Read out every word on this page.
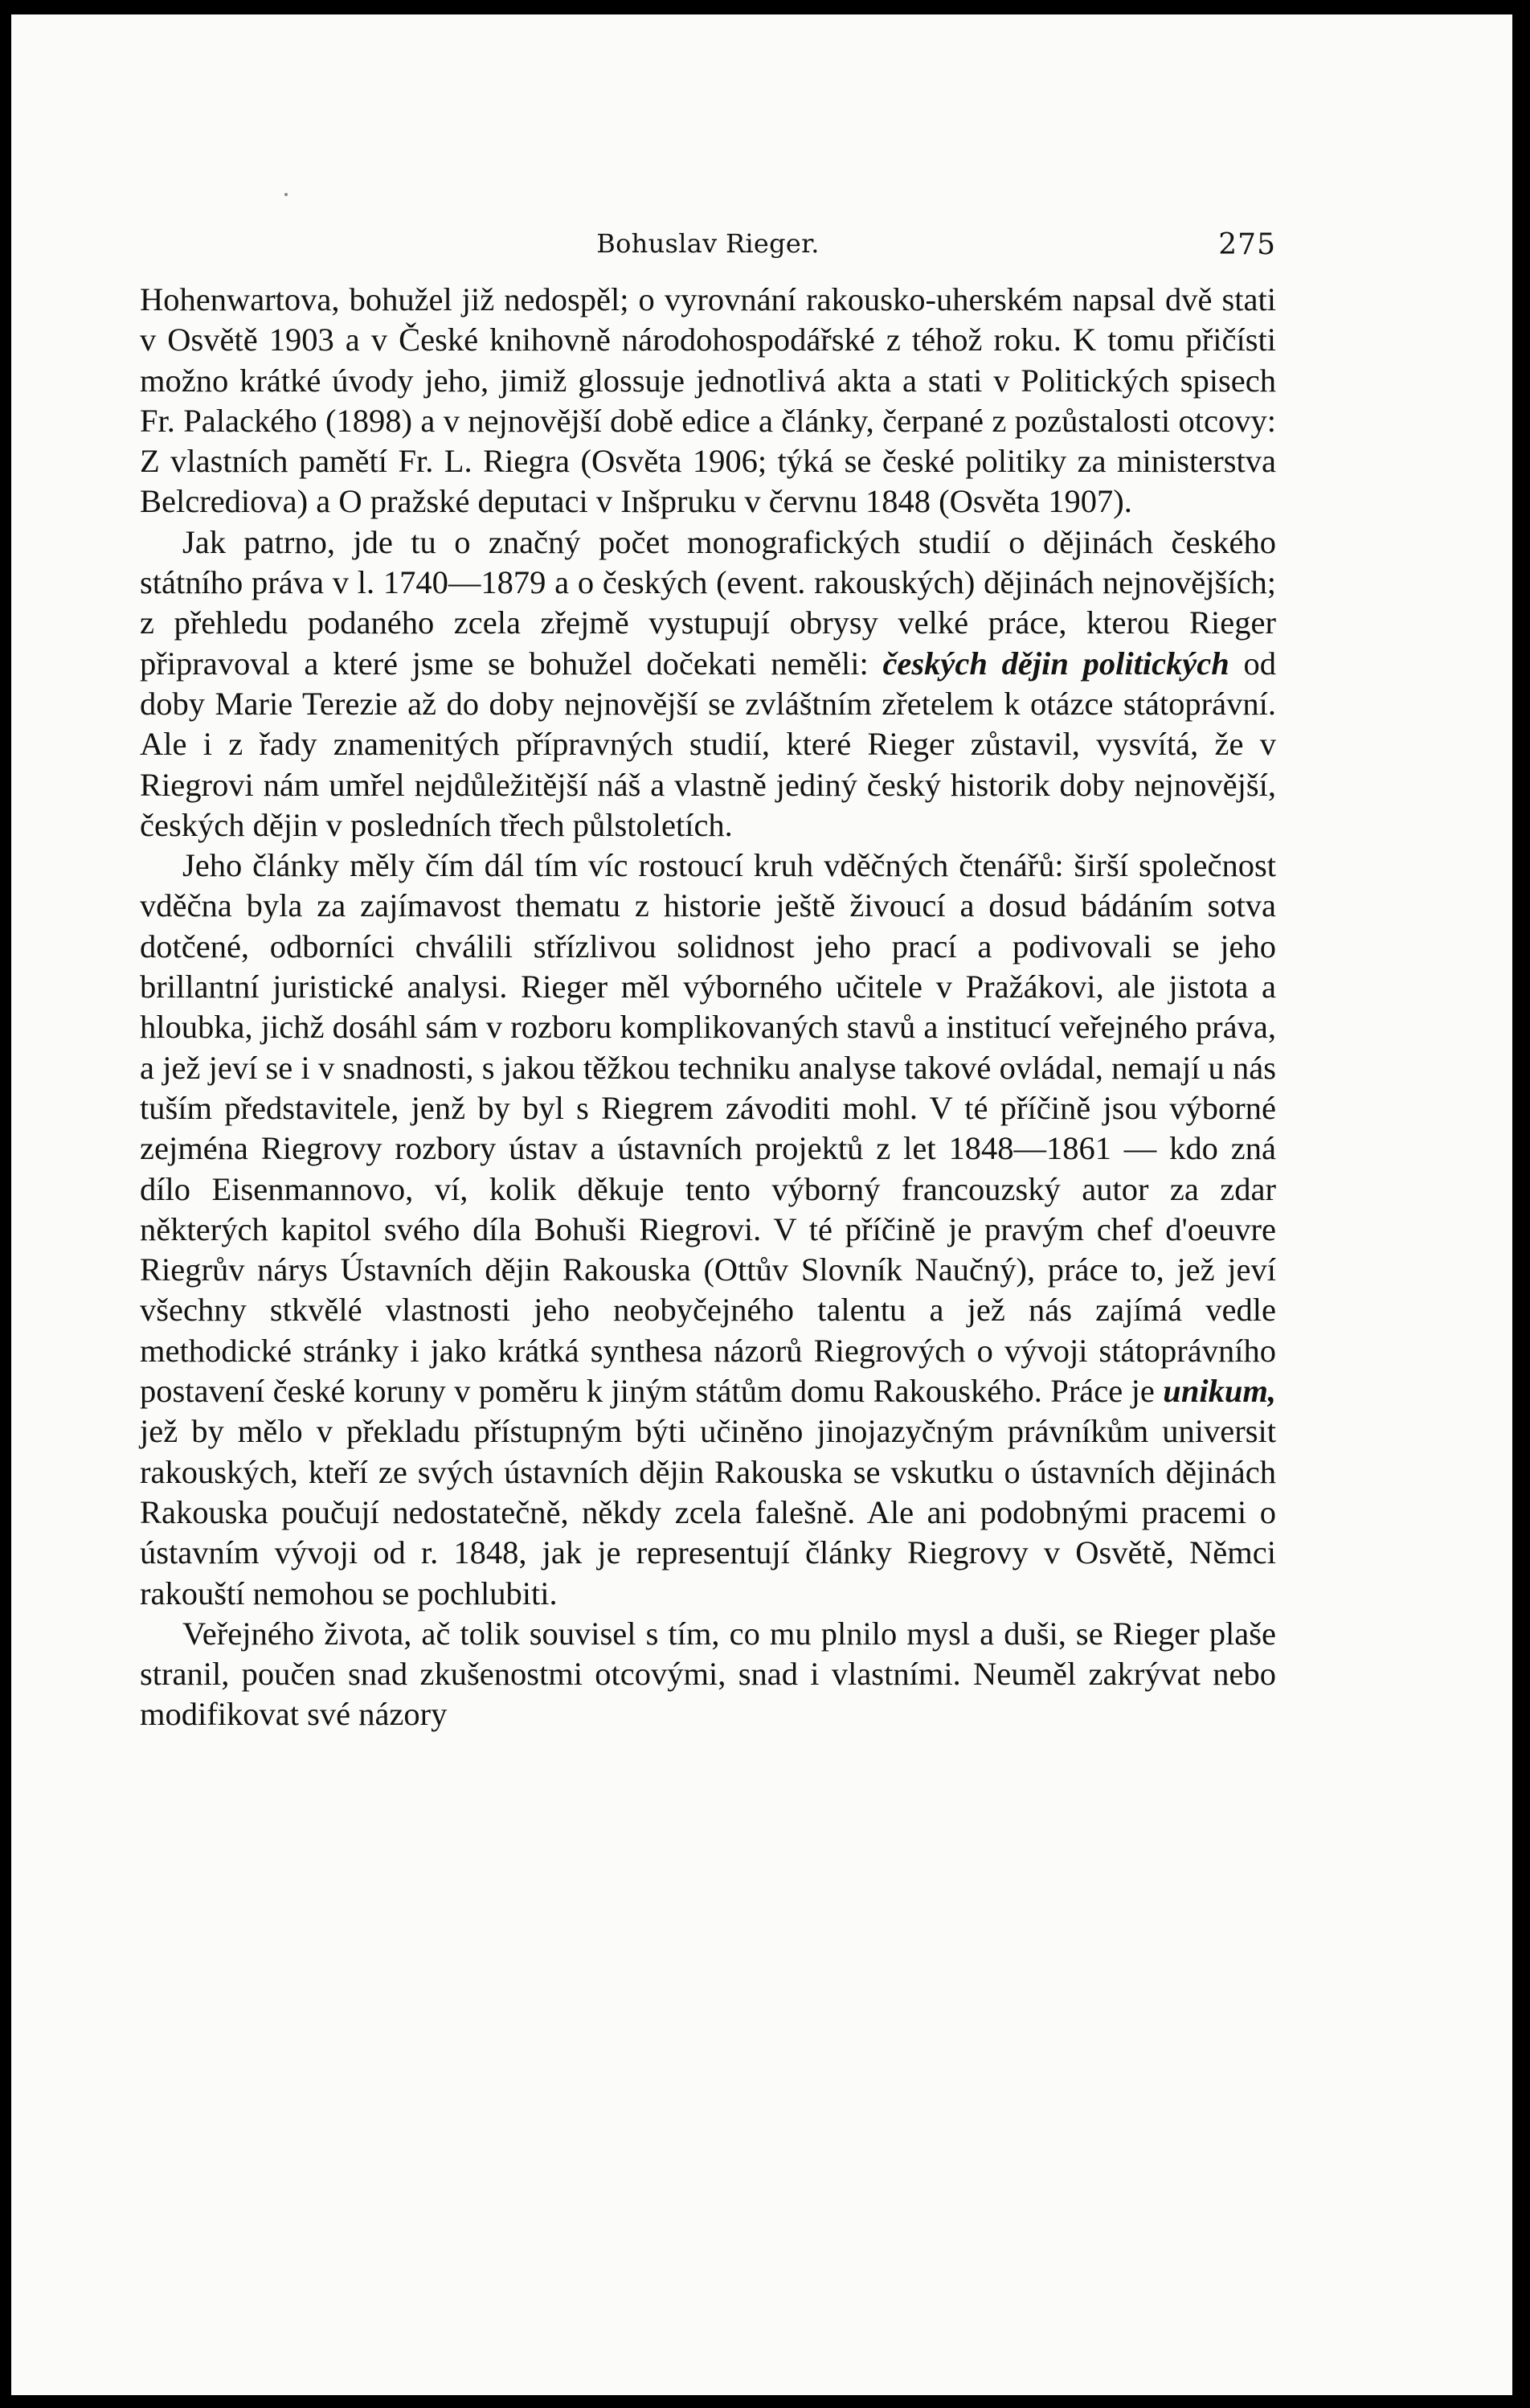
Bohuslav Rieger.	275

Hohenwartova, bohužel již nedospěl; o vyrovnání rakousko-uherském napsal dvě stati v Osvětě 1903 a v České knihovně národohospodářské z téhož roku. K tomu přičísti možno krátké úvody jeho, jimiž glossuje jednotlivá akta a stati v Politických spisech Fr. Palackého (1898) a v nejnovější době edice a články, čerpané z pozůstalosti otcovy: Z vlastních pamětí Fr. L. Riegra (Osvěta 1906; týká se české politiky za ministerstva Belcrediova) a O pražské deputaci v Inšpruku v červnu 1848 (Osvěta 1907).

Jak patrno, jde tu o značný počet monografických studií o dějinách českého státního práva v l. 1740—1879 a o českých (event. rakouských) dějinách nejnovějších; z přehledu podaného zcela zřejmě vystupují obrysy velké práce, kterou Rieger připravoval a které jsme se bohužel dočekati neměli: českých dějin politických od doby Marie Terezie až do doby nejnovější se zvláštním zřetelem k otázce státoprávní. Ale i z řady znamenitých přípravných studií, které Rieger zůstavil, vysvítá, že v Riegrovi nám umřel nejdůležitější náš a vlastně jediný český historik doby nejnovější, českých dějin v posledních třech půlstoletích.

Jeho články měly čím dál tím víc rostoucí kruh vděčných čtenářů: širší společnost vděčna byla za zajímavost thematu z historie ještě živoucí a dosud bádáním sotva dotčené, odborníci chválili střízlivou solidnost jeho prací a podivovali se jeho brillantní juristické analysi. Rieger měl výborného učitele v Pražákovi, ale jistota a hloubka, jichž dosáhl sám v rozboru komplikovaných stavů a institucí veřejného práva, a jež jeví se i v snadnosti, s jakou těžkou techniku analyse takové ovládal, nemají u nás tuším představitele, jenž by byl s Riegrem závoditi mohl. V té příčině jsou výborné zejména Riegrovy rozbory ústav a ústavních projektů z let 1848—1861 — kdo zná dílo Eisenmannovo, ví, kolik děkuje tento výborný francouzský autor za zdar některých kapitol svého díla Bohuši Riegrovi. V té příčině je pravým chef d'oeuvre Riegrův nárys Ústavních dějin Rakouska (Ottův Slovník Naučný), práce to, jež jeví všechny stkvělé vlastnosti jeho neobyčejného talentu a jež nás zajímá vedle methodické stránky i jako krátká synthesa názorů Riegrových o vývoji státoprávního postavení české koruny v poměru k jiným státům domu Rakouského. Práce je unikum, jež by mělo v překladu přístupným býti učiněno jinojazyčným právníkům universit rakouských, kteří ze svých ústavních dějin Rakouska se vskutku o ústavních dějinách Rakouska poučují nedostatečně, někdy zcela falešně. Ale ani podobnými pracemi o ústavním vývoji od r. 1848, jak je representují články Riegrovy v Osvětě, Němci rakouští nemohou se pochlubiti.

Veřejného života, ač tolik souvisel s tím, co mu plnilo mysl a duši, se Rieger plaše stranil, poučen snad zkušenostmi otcovými, snad i vlastními. Neuměl zakrývat nebo modifikovat své názory
